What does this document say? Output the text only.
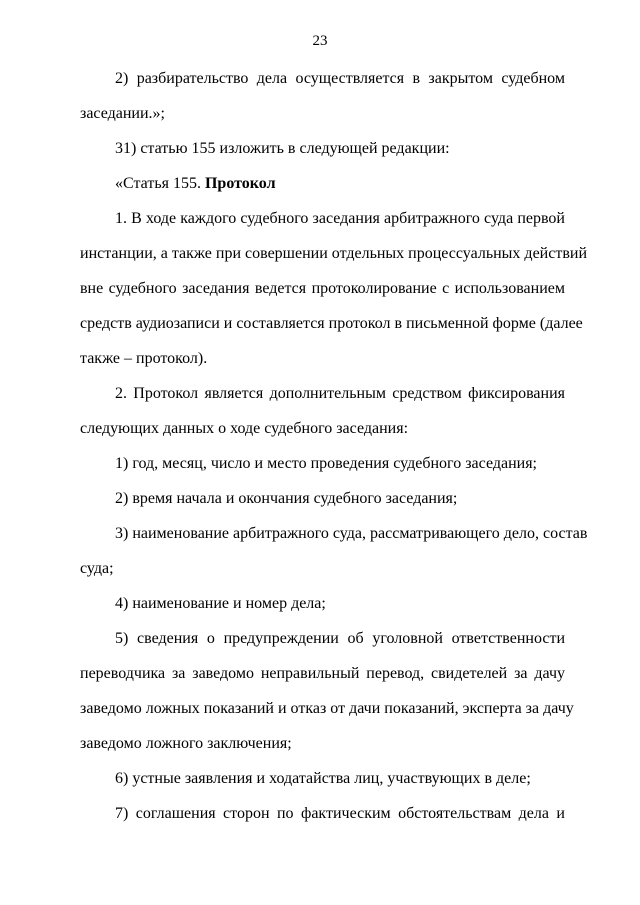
23
2) разбирательство дела осуществляется в закрытом судебном
заседании.»;
31) статью 155 изложить в следующей редакции:
«Статья 155. Протокол
1. В ходе каждого судебного заседания арбитражного суда первой
инстанции, а также при совершении отдельных процессуальных действий
вне судебного заседания ведется протоколирование с использованием
средств аудиозаписи и составляется протокол в письменной форме (далее
также – протокол).
2. Протокол является дополнительным средством фиксирования
следующих данных о ходе судебного заседания:
1) год, месяц, число и место проведения судебного заседания;
2) время начала и окончания судебного заседания;
3) наименование арбитражного суда, рассматривающего дело, состав
суда;
4) наименование и номер дела;
5) сведения о предупреждении об уголовной ответственности
переводчика за заведомо неправильный перевод, свидетелей за дачу
заведомо ложных показаний и отказ от дачи показаний, эксперта за дачу
заведомо ложного заключения;
6) устные заявления и ходатайства лиц, участвующих в деле;
7) соглашения сторон по фактическим обстоятельствам дела и
